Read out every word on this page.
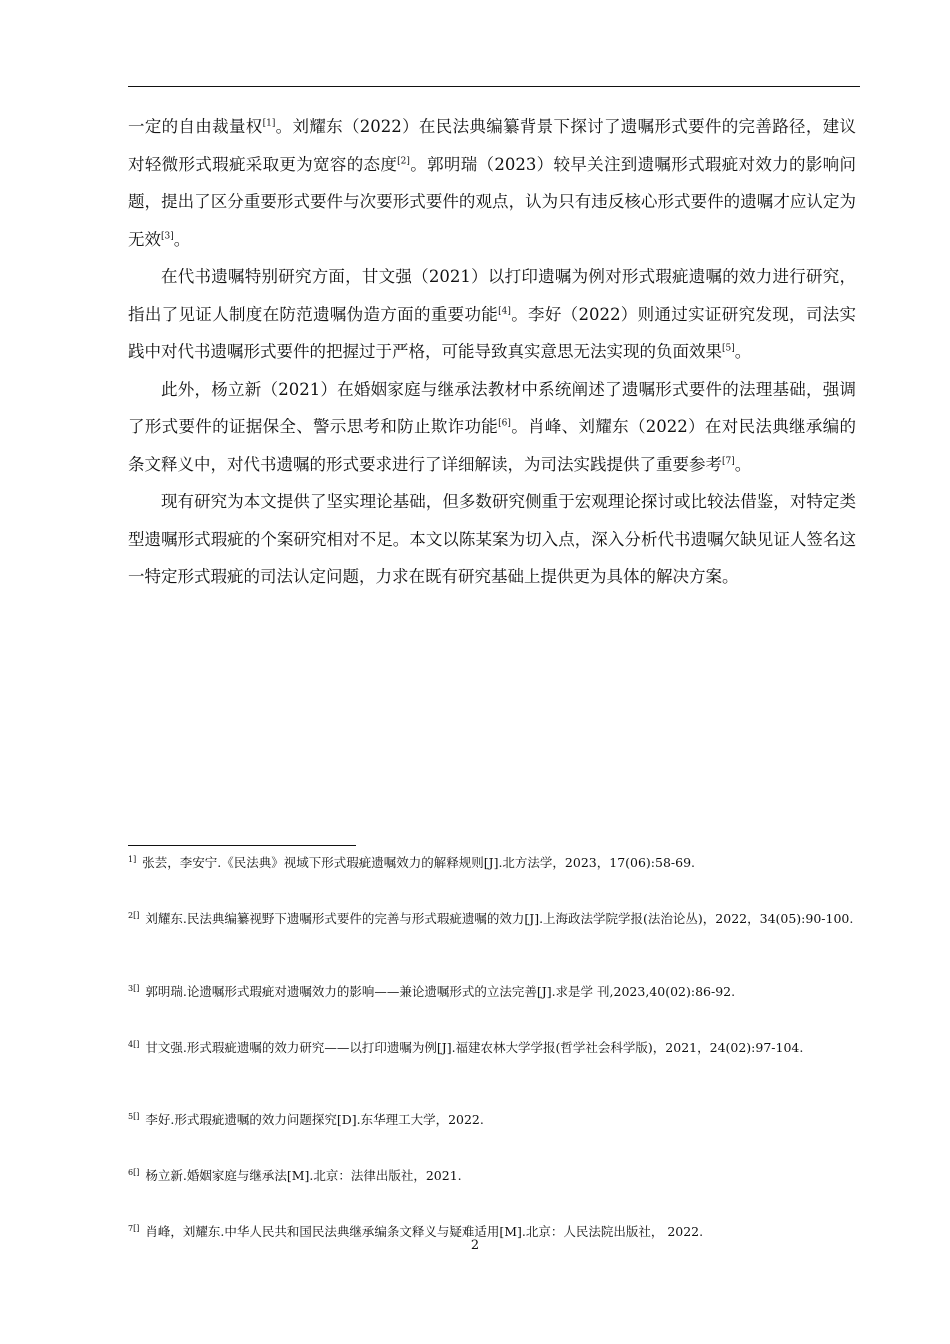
一定的自由裁量权[1]。刘耀东（2022）在民法典编纂背景下探讨了遗嘱形式要件的完善路径，建议对轻微形式瑕疵采取更为宽容的态度[2]。郭明瑞（2023）较早关注到遗嘱形式瑕疵对效力的影响问题，提出了区分重要形式要件与次要形式要件的观点，认为只有违反核心形式要件的遗嘱才应认定为无效[3]。

在代书遗嘱特别研究方面，甘文强（2021）以打印遗嘱为例对形式瑕疵遗嘱的效力进行研究，指出了见证人制度在防范遗嘱伪造方面的重要功能[4]。李好（2022）则通过实证研究发现，司法实践中对代书遗嘱形式要件的把握过于严格，可能导致真实意思无法实现的负面效果[5]。

此外，杨立新（2021）在婚姻家庭与继承法教材中系统阐述了遗嘱形式要件的法理基础，强调了形式要件的证据保全、警示思考和防止欺诈功能[6]。肖峰、刘耀东（2022）在对民法典继承编的条文释义中，对代书遗嘱的形式要求进行了详细解读，为司法实践提供了重要参考[7]。

现有研究为本文提供了坚实理论基础，但多数研究侧重于宏观理论探讨或比较法借鉴，对特定类型遗嘱形式瑕疵的个案研究相对不足。本文以陈某案为切入点，深入分析代书遗嘱欠缺见证人签名这一特定形式瑕疵的司法认定问题，力求在既有研究基础上提供更为具体的解决方案。

$^{1]}$ 张芸，李安宁.《民法典》视域下形式瑕疵遗嘱效力的解释规则[J].北方法学，2023，17(06):58-69.
$^{2[]}$ 刘耀东.民法典编纂视野下遗嘱形式要件的完善与形式瑕疵遗嘱的效力[J].上海政法学院学报(法治论丛)，2022，34(05):90-100.
$^{3[]}$ 郭明瑞.论遗嘱形式瑕疵对遗嘱效力的影响——兼论遗嘱形式的立法完善[J].求是学 刊,2023,40(02):86-92.
$^{4[]}$ 甘文强.形式瑕疵遗嘱的效力研究——以打印遗嘱为例[J].福建农林大学学报(哲学社会科学版)，2021，24(02):97-104.
$^{5[]}$ 李好.形式瑕疵遗嘱的效力问题探究[D].东华理工大学，2022.
$^{6[]}$ 杨立新.婚姻家庭与继承法[M].北京：法律出版社，2021.
$^{7[]}$ 肖峰，刘耀东.中华人民共和国民法典继承编条文释义与疑难适用[M].北京：人民法院出版社， 2022.
2
